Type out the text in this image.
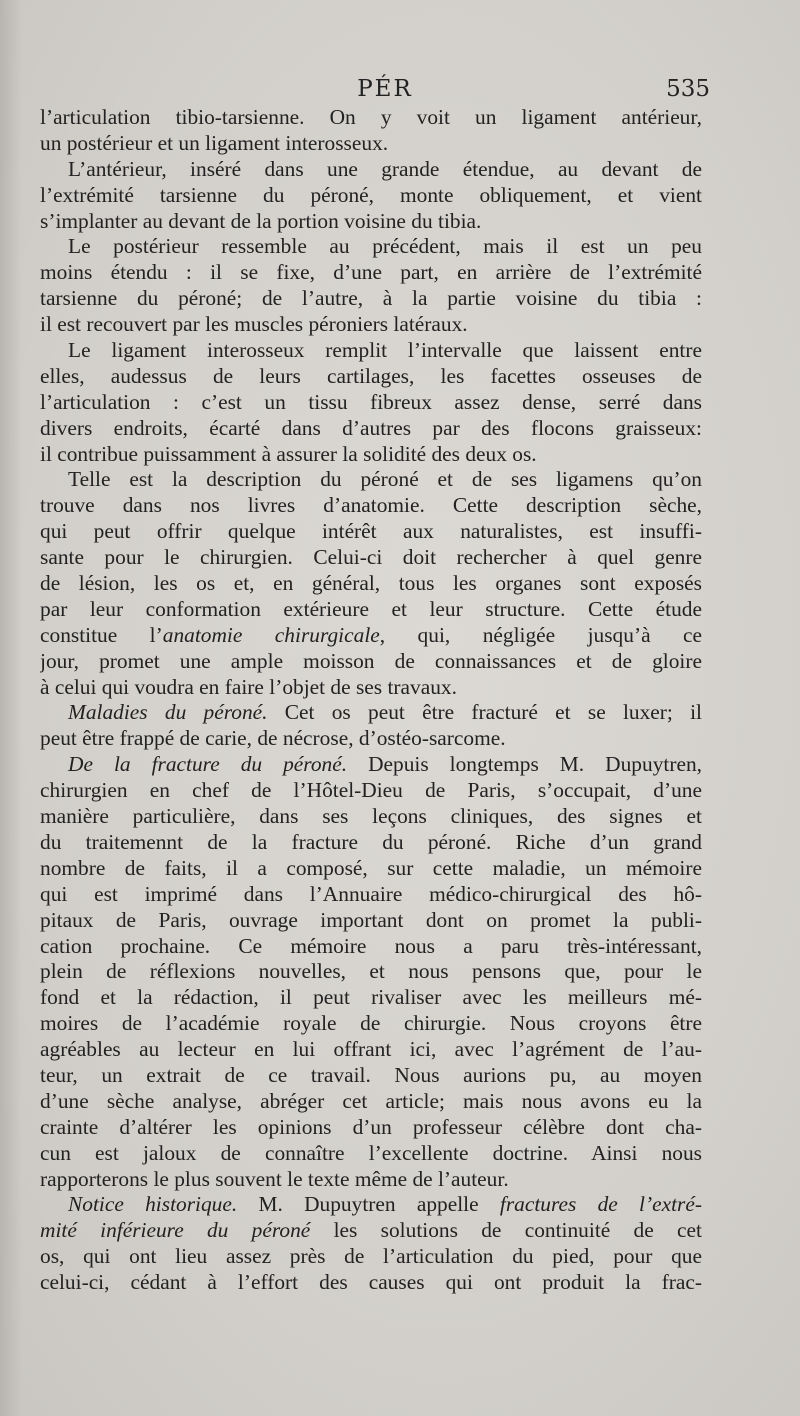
PÉR	535
l’articulation tibio-tarsienne. On y voit un ligament antérieur,
un postérieur et un ligament interosseux.
L’antérieur, inséré dans une grande étendue, au devant de
l’extrémité tarsienne du péroné, monte obliquement, et vient
s’implanter au devant de la portion voisine du tibia.
Le postérieur ressemble au précédent, mais il est un peu
moins étendu : il se fixe, d’une part, en arrière de l’extrémité
tarsienne du péroné; de l’autre, à la partie voisine du tibia :
il est recouvert par les muscles péroniers latéraux.
Le ligament interosseux remplit l’intervalle que laissent entre
elles, audessus de leurs cartilages, les facettes osseuses de
l’articulation : c’est un tissu fibreux assez dense, serré dans
divers endroits, écarté dans d’autres par des flocons graisseux:
il contribue puissamment à assurer la solidité des deux os.
Telle est la description du péroné et de ses ligamens qu’on
trouve dans nos livres d’anatomie. Cette description sèche,
qui peut offrir quelque intérêt aux naturalistes, est insuffi-
sante pour le chirurgien. Celui-ci doit rechercher à quel genre
de lésion, les os et, en général, tous les organes sont exposés
par leur conformation extérieure et leur structure. Cette étude
constitue l’anatomie chirurgicale, qui, négligée jusqu’à ce
jour, promet une ample moisson de connaissances et de gloire
à celui qui voudra en faire l’objet de ses travaux.
Maladies du péroné. Cet os peut être fracturé et se luxer; il
peut être frappé de carie, de nécrose, d’ostéo-sarcome.
De la fracture du péroné. Depuis longtemps M. Dupuytren,
chirurgien en chef de l’Hôtel-Dieu de Paris, s’occupait, d’une
manière particulière, dans ses leçons cliniques, des signes et
du traitemennt de la fracture du péroné. Riche d’un grand
nombre de faits, il a composé, sur cette maladie, un mémoire
qui est imprimé dans l’Annuaire médico-chirurgical des hô-
pitaux de Paris, ouvrage important dont on promet la publi-
cation prochaine. Ce mémoire nous a paru très-intéressant,
plein de réflexions nouvelles, et nous pensons que, pour le
fond et la rédaction, il peut rivaliser avec les meilleurs mé-
moires de l’académie royale de chirurgie. Nous croyons être
agréables au lecteur en lui offrant ici, avec l’agrément de l’au-
teur, un extrait de ce travail. Nous aurions pu, au moyen
d’une sèche analyse, abréger cet article; mais nous avons eu la
crainte d’altérer les opinions d’un professeur célèbre dont cha-
cun est jaloux de connaître l’excellente doctrine. Ainsi nous
rapporterons le plus souvent le texte même de l’auteur.
Notice historique. M. Dupuytren appelle fractures de l’extré-
mité inférieure du péroné les solutions de continuité de cet
os, qui ont lieu assez près de l’articulation du pied, pour que
celui-ci, cédant à l’effort des causes qui ont produit la frac-
